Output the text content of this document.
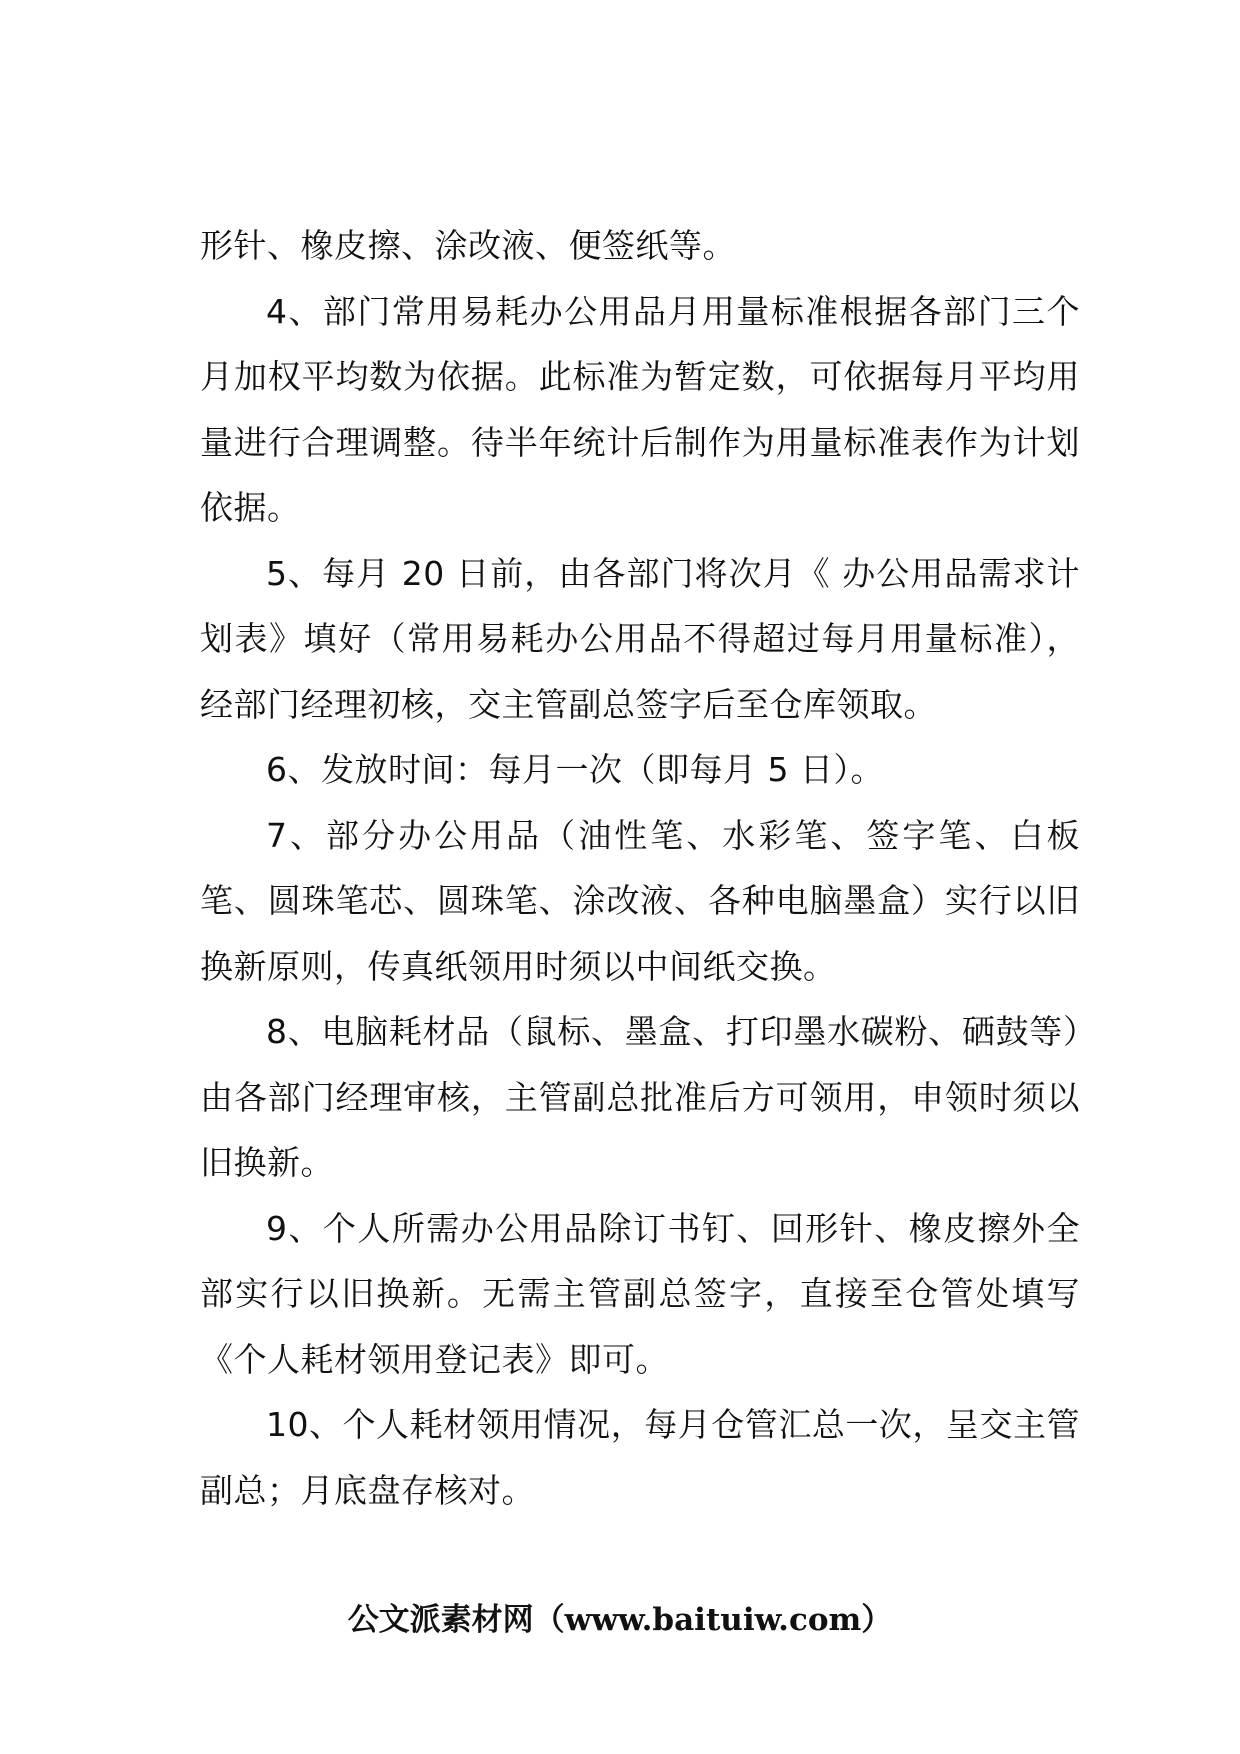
形针、橡皮擦、涂改液、便签纸等。

4、部门常用易耗办公用品月用量标准根据各部门三个月加权平均数为依据。此标准为暂定数，可依据每月平均用量进行合理调整。待半年统计后制作为用量标准表作为计划依据。

5、每月 20 日前，由各部门将次月《 办公用品需求计划表》填好（常用易耗办公用品不得超过每月用量标准），经部门经理初核，交主管副总签字后至仓库领取。

6、发放时间：每月一次（即每月 5 日）。

7、部分办公用品（油性笔、水彩笔、签字笔、白板笔、圆珠笔芯、圆珠笔、涂改液、各种电脑墨盒）实行以旧换新原则，传真纸领用时须以中间纸交换。

8、电脑耗材品（鼠标、墨盒、打印墨水碳粉、硒鼓等）由各部门经理审核，主管副总批准后方可领用，申领时须以旧换新。

9、个人所需办公用品除订书钉、回形针、橡皮擦外全部实行以旧换新。无需主管副总签字，直接至仓管处填写《个人耗材领用登记表》即可。

10、个人耗材领用情况，每月仓管汇总一次，呈交主管副总；月底盘存核对。

公文派素材网（www.baituiw.com）
